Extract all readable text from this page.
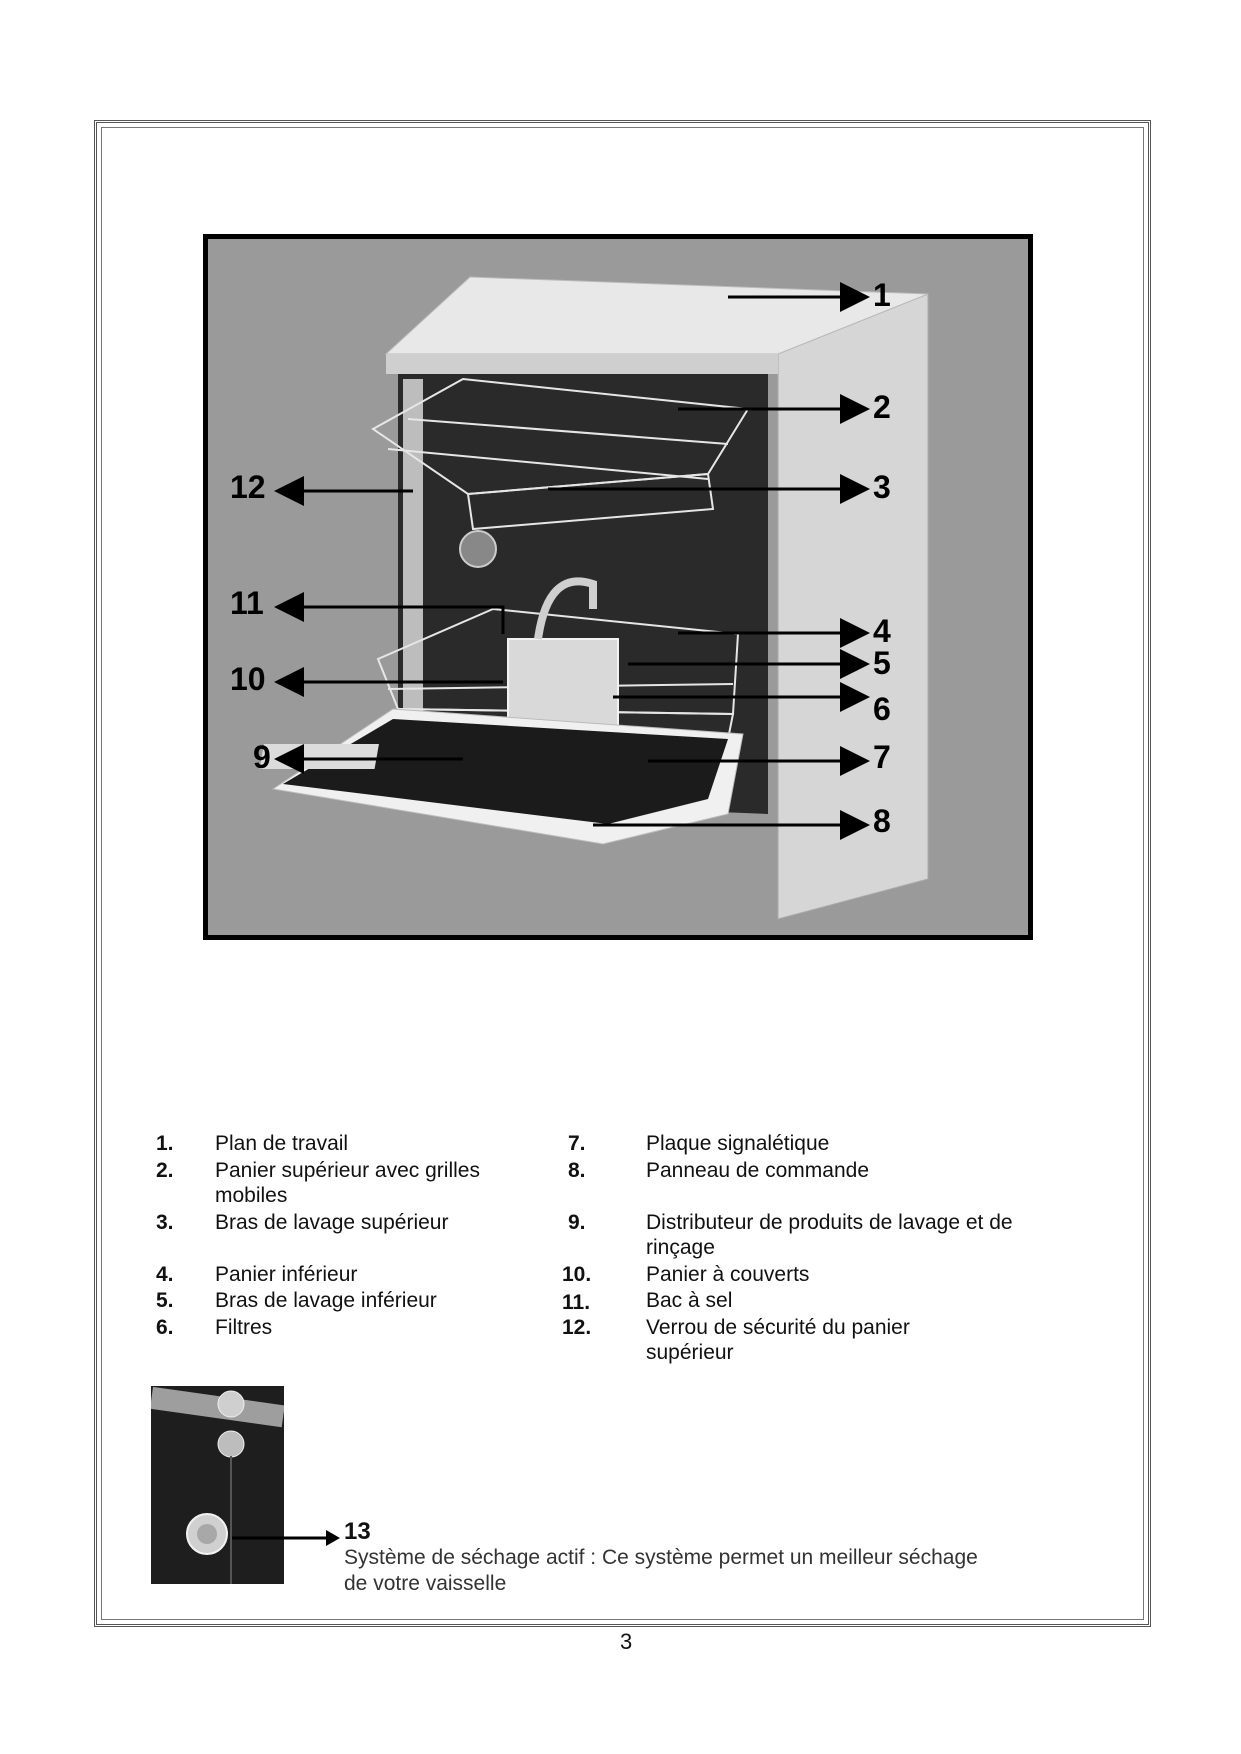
1
2
3
4
5
6
7
8
9
10
11
12
1.	Plan de travail
2.	Panier supérieur avec grilles mobiles
3.	Bras de lavage supérieur
4.	Panier inférieur
5.	Bras de lavage inférieur
6.	Filtres
7.	Plaque signalétique
8.	Panneau de commande
9.	Distributeur de produits de lavage et de rinçage
10.	Panier à couverts
11.	Bac à sel
12.	Verrou de sécurité du panier supérieur
13
Système de séchage actif : Ce système permet un meilleur séchage de votre vaisselle
3
